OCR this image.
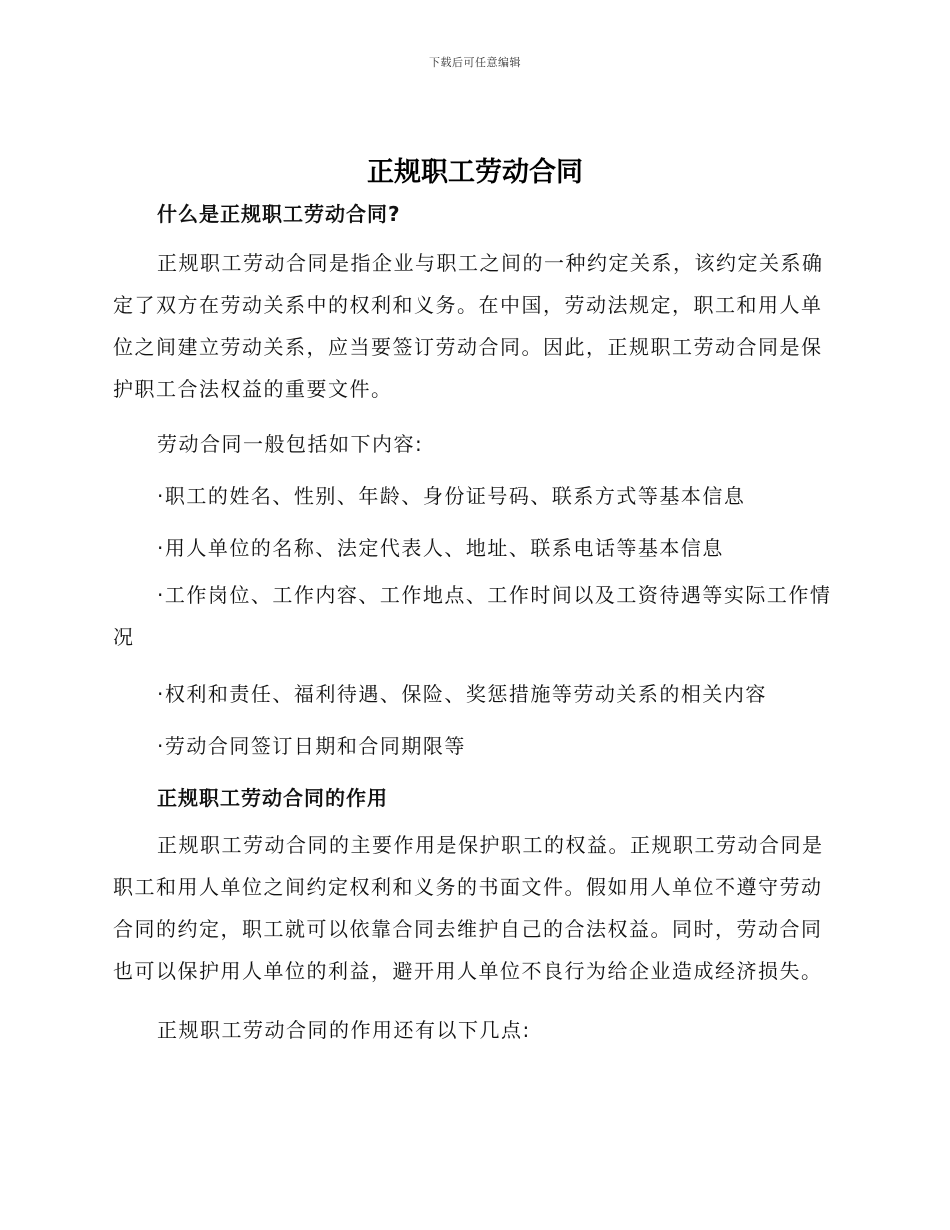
下载后可任意编辑
正规职工劳动合同
什么是正规职工劳动合同?
正规职工劳动合同是指企业与职工之间的一种约定关系，该约定关系确定了双方在劳动关系中的权利和义务。在中国，劳动法规定，职工和用人单位之间建立劳动关系，应当要签订劳动合同。因此，正规职工劳动合同是保护职工合法权益的重要文件。
劳动合同一般包括如下内容:
·职工的姓名、性别、年龄、身份证号码、联系方式等基本信息
·用人单位的名称、法定代表人、地址、联系电话等基本信息
·工作岗位、工作内容、工作地点、工作时间以及工资待遇等实际工作情况
·权利和责任、福利待遇、保险、奖惩措施等劳动关系的相关内容
·劳动合同签订日期和合同期限等
正规职工劳动合同的作用
正规职工劳动合同的主要作用是保护职工的权益。正规职工劳动合同是职工和用人单位之间约定权利和义务的书面文件。假如用人单位不遵守劳动合同的约定，职工就可以依靠合同去维护自己的合法权益。同时，劳动合同也可以保护用人单位的利益，避开用人单位不良行为给企业造成经济损失。
正规职工劳动合同的作用还有以下几点:
